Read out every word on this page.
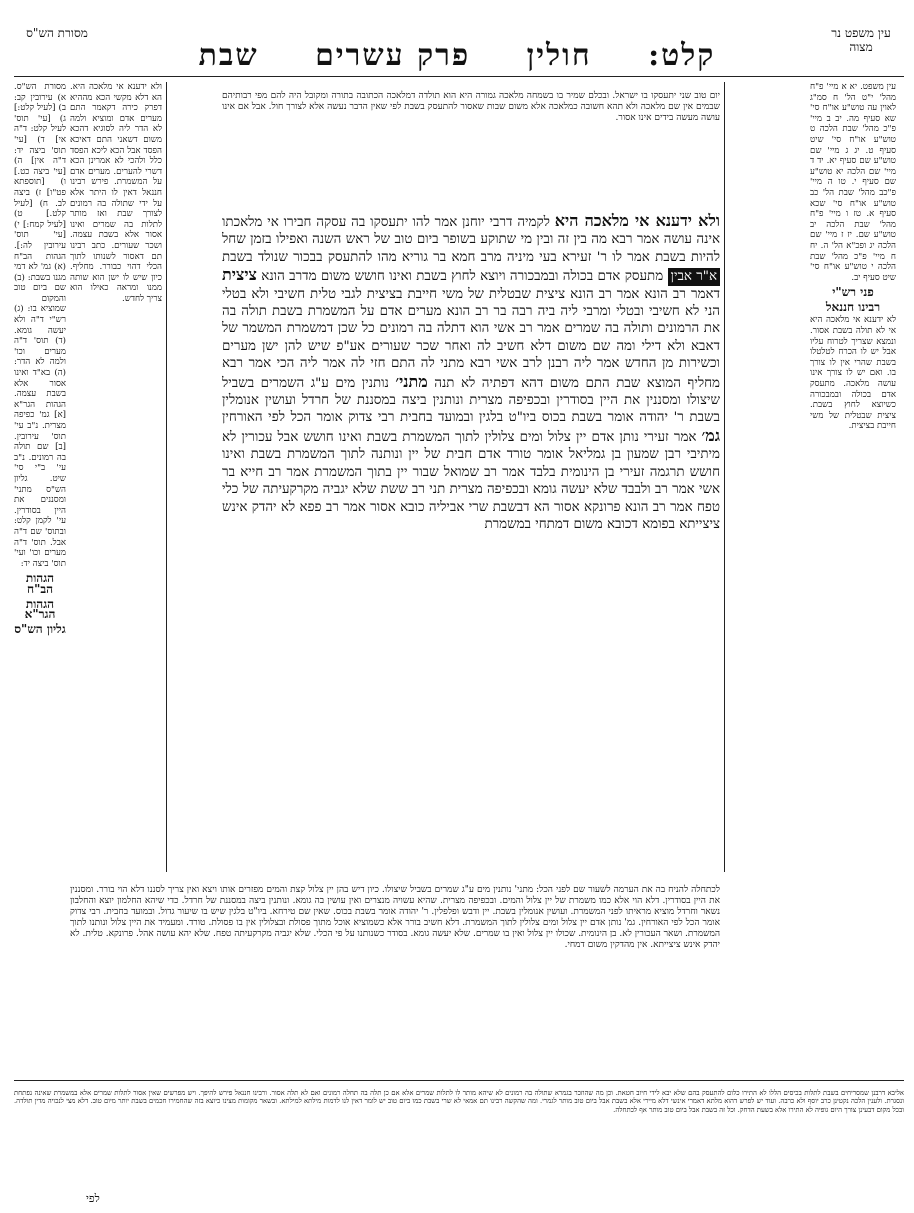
עין משפט נר מצוה
מסורת הש"ס
קלט: חולין פרק עשרים שבת

עין משפט. יא א מיי' פ"ח מהל' י"ט הל' ח סמ"ג לאוין עה טוש"ע או"ח סי' שא סעיף מה. יב ב מיי' פ"כ מהל' שבת הלכה ט טוש"ע או"ח סי' שיט סעיף ט. יג ג מיי' שם טוש"ע שם סעיף יא. יד ד מיי' שם הלכה יא טוש"ע שם סעיף י. טו ה מיי' פ"כב מהל' שבת הל' כב טוש"ע או"ח סי' שכא סעיף א. טז ו מיי' פ"ח מהל' שבת הלכה יב טוש"ע שם. יז ז מיי' שם הלכה יג ופכ"א הל' ה. יח ח מיי' פ"כ מהל' שבת הלכה י טוש"ע או"ח סי' שיט סעיף יב.

פני רש"י
רבינו חננאל

לא ידענא אי מלאכה היא אי לא תולה בשבת אסור. ונמצא שצריך לטרוח עליו אבל יש לו הכרח לטלטלו בשבת שהרי אין לו צורך בו. ואם יש לו צורך אינו עושה מלאכה. מתעסק אדם בכולה ובמבכורה כשיוצא לחוץ בשבת. ציצית שבטלית של משי חייבת בציצית.

יום טוב שני יתעסקו בו ישראל. ובכלם שמיר בו בשמחה מלאכה גמורה היא הוא תולדה דמלאכה הכתובה בתורה ומקובל היה להם מפי רבותיהם שבמים אין שם מלאכה ולא תהא חשובה כמלאכה אלא משום שבות שאסור להתעסק בשבת לפי שאין הדבר נעשה אלא לצורך חול. אבל אם אינו עושה מעשה בידים אינו אסור.

ולא ידענא אי מלאכה היא. הא דלא מקשי הכא מההיא דפרק כירה דקאמר התם מערים אדם ומוציא ולמה לא הדר ליה לסוגיא דהכא משום דשאני התם דאיכא הפסד אבל הכא ליכא הפסד כלל ולהכי לא אמרינן הכא דשרי להערים. מערים אדם על המשמרת. פירש רבינו חננאל דאין לו היתר אלא על ידי שתולה בה רמונים לצורך שבת ואז מותר לתלות בה שמרים ואינו אסור אלא בשבת עצמה. ושכר שעורים. כתב רבינו תם דאסור לשנותו לתוך הכלי דהוי כבורר. מחליף. כיון שיש לו ישן הוא שותה ממנו ומראה כאילו הוא צריך לחדש.

מסורת הש"ס. א) עירובין קב: ב) [לעיל קלט:] ג) [עי' תוס' לעיל קלט: ד"ה אי] ד) [עי' תוס' ביצה יד: ד"ה אין] ה) [עי' ביצה כט.] ו) [תוספתא פט"ו] ז) ביצה לב. ח) [לעיל קלט.] ט) [לעיל קמח:] י) [עי' תוס' עירובין לה:]. הגהות הב"ח (א) גמ' לא דמי מגנו בשבת: (ב) שם ביום טוב והמקום שמוציא בו: (ג) רש"י ד"ה ולא יעשה גומא. (ד) תוס' ד"ה מערים וכו' ולמה לא הדר: (ה) בא"ד ואינו אסור אלא בשבת עצמה. הגהות הגר"א [א] גמ' כפיפה מצרית. נ"ב עי' תוס' עירובין. [ב] שם תולה בה רמונים. נ"ב עי' ב"י סי' שיט. גליון הש"ס מתני' ומסננים את היין בסודרין. עי' לקמן קלט: ובתוס' שם ד"ה אבל. תוס' ד"ה מערים וכו' ועי' תוס' ביצה יד:

הגהות הב"ח
הגהות הגר"א
גליון הש"ס

ולא ידענא אי מלאכה היא לקמיה דרבי יוחנן אמר להו יתעסקו בה עסקה חבירו אי מלאכתו אינה עושה אמר רבא מה בין זה ובין מי שתוקע בשופר ביום טוב של ראש השנה ואפילו בזמן שחל להיות בשבת אמר לו ר' זעירא בעי מיניה מרב חמא בר גוריא מהו להתעסק בבכור שנולד בשבת א"ר אבין מתעסק אדם בכולה ובמבכורה ויוצא לחוץ בשבת ואינו חושש משום מדרב הונא ציצית דאמר רב הונא אמר רב הונא ציצית שבטלית של משי חייבת בציצית לגבי טלית חשיבי ולא בטלי הני לא חשיבי ובטלי ומרבי ליה ביה רבה בר רב הונא מערים אדם על המשמרת בשבת תולה בה את הרמונים ותולה בה שמרים אמר רב אשי הוא דתלה בה רמונים כל שכן דמשמרת המשמר של דאבא ולא דילי ומה שם משום דלא חשיב לה ואחר שכר שעורים אע"פ שיש להן ישן מערים וכשירות מן החדש אמר ליה רבנן לרב אשי רבא מתני לה התם חזי לה אמר ליה הכי אמר רבא מחליף המוצא שבת התם משום דהא דפתיה לא תנה מתני׳ נותנין מים ע"ג השמרים בשביל שיצולו ומסננין את היין בסודרין ובכפיפה מצרית ונותנין ביצה במסננת של חרדל ועושין אנומלין בשבת ר' יהודה אומר בשבת בכוס ביו"ט בלגין ובמועד בחבית רבי צדוק אומר הכל לפי האורחין גמ׳ אמר זעירי נותן אדם יין צלול ומים צלולין לתוך המשמרת בשבת ואינו חושש אבל עכורין לא מיתיבי רבן שמעון בן גמליאל אומר טורד אדם חבית של יין ונותנה לתוך המשמרת בשבת ואינו חושש תרגמה זעירי בן הינומית בלבד אמר רב שמואל שבור יין בתוך המשמרת אמר רב חייא בר אשי אמר רב ולבבד שלא יעשה גומא ובכפיפה מצרית תני רב ששת שלא יגביה מקרקעיתה של כלי טפח אמר רב הונא פרונקא אסור הא דבשבת שרי אביליה כובא אסור אמר רב פפא לא יהדק אינש ציצייתא בפומא דכובא משום דמתחי במשמרת

לכתחלה להניח בה את הערמה לשעור שם לפני הכל: מתני' נותנין מים ע"ג שמרים בשביל שיצולו. כיון דיש בהן יין צלול קצת והמים מפזרים אותו ויצא ואין צריך לסננו דלא הוי בורר. ומסננין את היין בסודרין. דלא הוי אלא כמו משמרת של יין צלול והמים. ובכפיפה מצרית. שהיא עשויה מנצרים ואין עושין בה גומא. ונותנין ביצה במסננת של חרדל. כדי שיהא החלמון יוצא והחלבון נשאר וחרדל מוציא מראיתו לפני המשמרת. ועושין אנומלין בשבת. יין ודבש ופלפלין. ר' יהודה אומר בשבת בכוס. שאין שם טירחא. ביו"ט בלגין שיש בו שיעור גדול. ובמועד בחבית. רבי צדוק אומר הכל לפי האורחין. גמ' נותן אדם יין צלול ומים צלולין לתוך המשמרת. דלא חשיב בורר אלא כשמוציא אוכל מתוך פסולת ובצלולין אין בו פסולת. טורד. ומעמיד את היין צלול ונותנו לתוך המשמרת. ושאר העכורין לא. בן הינומית. שכולו יין צלול ואין בו שמרים. שלא יעשה גומא. בסודר כשנותנו על פי הכלי. שלא יגביה מקרקעיתה טפח. שלא יהא עושה אהל. פרונקא. טלית. לא יהדק אינש ציצייתא. אין מהדקין משום דמחי.

אליבא דרבנן שמסריחים בשבת לתלות בכיסים הללו לא התירו כלום להתעסק בהם שלא יבא לידי חיוב חטאת. וכן מה שהוזכר בגמרא שתולה בה רמונים לא שיהא מותר לו לתלות שמרים אלא אם כן תלה בה תחלה רמונים ואם לא תלה אסור. ורבינו חננאל פירש להיפך. ויש מפרשים שאין אסור לתלות שמרים אלא במשמרת שאינה נפתחת ונסגרת. ולענין הלכה נקטינן כרב יוסף ולא כרבה. ועוד יש לפרש דהוא מלתא דאמרי אינשי דלא מיירי אלא בשבת אבל ביום טוב מותר לגמרי. ומה שהקשה רבינו תם אמאי לא שרי בשבת כמו ביום טוב יש לומר דאין לנו לדמות מילתא למילתא. ובשאר מקומות מצינו כיוצא בזה שהחמירו חכמים בשבת יותר מיום טוב. דלא מצי לנכויה מדין תולדה. ובכל מקום דבעינן צורך היום גופיה לא התירו אלא בשעת הדחק. וכל זה בשבת אבל ביום טוב מותר אף לכתחלה.

לפי
